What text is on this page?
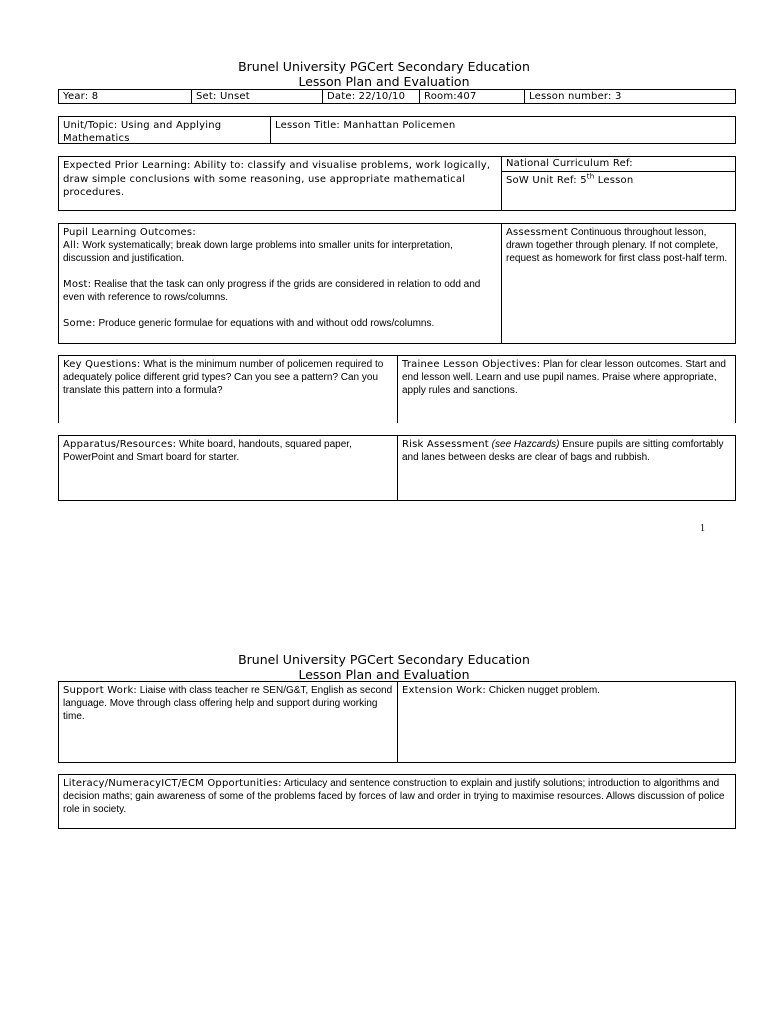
Brunel University PGCert Secondary Education
Lesson Plan and Evaluation
Year: 8	Set: Unset	Date: 22/10/10	Room:407	Lesson number: 3
Unit/Topic: Using and Applying Mathematics
Lesson Title: Manhattan Policemen
Expected Prior Learning: Ability to: classify and visualise problems, work logically, draw simple conclusions with some reasoning, use appropriate mathematical procedures.
National Curriculum Ref:
SoW Unit Ref: 5th Lesson
Pupil Learning Outcomes:
All: Work systematically; break down large problems into smaller units for interpretation, discussion and justification.
Most: Realise that the task can only progress if the grids are considered in relation to odd and even with reference to rows/columns.
Some: Produce generic formulae for equations with and without odd rows/columns.
Assessment Continuous throughout lesson, drawn together through plenary. If not complete, request as homework for first class post-half term.
Key Questions: What is the minimum number of policemen required to adequately police different grid types? Can you see a pattern? Can you translate this pattern into a formula?
Trainee Lesson Objectives: Plan for clear lesson outcomes. Start and end lesson well. Learn and use pupil names. Praise where appropriate, apply rules and sanctions.
Apparatus/Resources: White board, handouts, squared paper, PowerPoint and Smart board for starter.
Risk Assessment (see Hazcards) Ensure pupils are sitting comfortably and lanes between desks are clear of bags and rubbish.
1
Brunel University PGCert Secondary Education
Lesson Plan and Evaluation
Support Work: Liaise with class teacher re SEN/G&T, English as second language. Move through class offering help and support during working time.
Extension Work: Chicken nugget problem.
Literacy/NumeracyICT/ECM Opportunities: Articulacy and sentence construction to explain and justify solutions; introduction to algorithms and decision maths; gain awareness of some of the problems faced by forces of law and order in trying to maximise resources. Allows discussion of police role in society.
